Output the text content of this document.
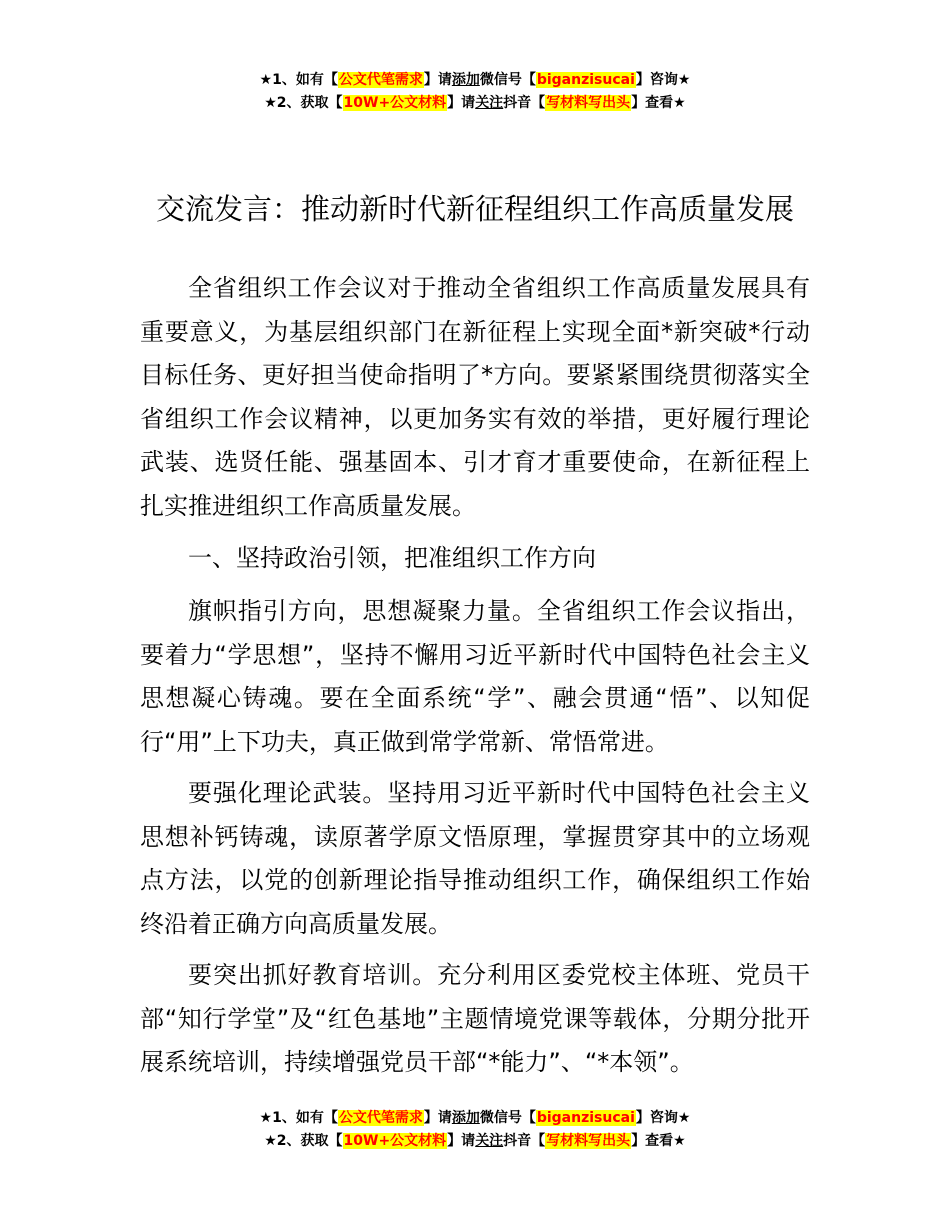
★1、如有【公文代笔需求】请添加微信号【biganzisucai】咨询★
★2、获取【10W+公文材料】请关注抖音【写材料写出头】查看★
交流发言：推动新时代新征程组织工作高质量发展

全省组织工作会议对于推动全省组织工作高质量发展具有重要意义，为基层组织部门在新征程上实现全面*新突破*行动目标任务、更好担当使命指明了*方向。要紧紧围绕贯彻落实全省组织工作会议精神，以更加务实有效的举措，更好履行理论武装、选贤任能、强基固本、引才育才重要使命，在新征程上扎实推进组织工作高质量发展。

一、坚持政治引领，把准组织工作方向

旗帜指引方向，思想凝聚力量。全省组织工作会议指出，要着力“学思想”，坚持不懈用习近平新时代中国特色社会主义思想凝心铸魂。要在全面系统“学”、融会贯通“悟”、以知促行“用”上下功夫，真正做到常学常新、常悟常进。

要强化理论武装。坚持用习近平新时代中国特色社会主义思想补钙铸魂，读原著学原文悟原理，掌握贯穿其中的立场观点方法，以党的创新理论指导推动组织工作，确保组织工作始终沿着正确方向高质量发展。

要突出抓好教育培训。充分利用区委党校主体班、党员干部“知行学堂”及“红色基地”主题情境党课等载体，分期分批开展系统培训，持续增强党员干部“*能力”、“*本领”。

★1、如有【公文代笔需求】请添加微信号【biganzisucai】咨询★
★2、获取【10W+公文材料】请关注抖音【写材料写出头】查看★
